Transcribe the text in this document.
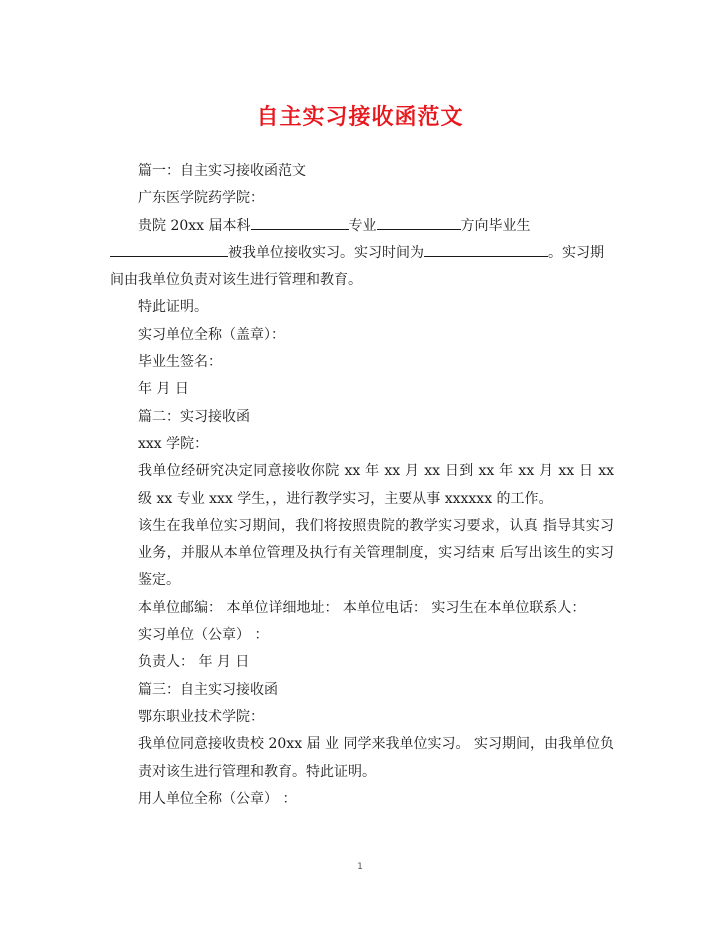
自主实习接收函范文
篇一：自主实习接收函范文
广东医学院药学院：
贵院 20xx 届本科	专业	方向毕业生
被我单位接收实习。实习时间为	。实习期
间由我单位负责对该生进行管理和教育。
特此证明。
实习单位全称（盖章）：
毕业生签名：
年 月 日
篇二：实习接收函
xxx 学院：
我单位经研究决定同意接收你院 xx 年 xx 月 xx 日到 xx 年 xx 月 xx 日 xx 级 xx 专业 xxx 学生，，进行教学实习，主要从事 xxxxxx 的工作。
该生在我单位实习期间，我们将按照贵院的教学实习要求，认真 指导其实习业务，并服从本单位管理及执行有关管理制度，实习结束 后写出该生的实习鉴定。
本单位邮编： 本单位详细地址： 本单位电话： 实习生在本单位联系人：
实习单位（公章） ：
负责人： 年 月 日
篇三：自主实习接收函
鄂东职业技术学院：
我单位同意接收贵校 20xx 届 业 同学来我单位实习。 实习期间，由我单位负责对该生进行管理和教育。特此证明。
用人单位全称（公章） ：
1
